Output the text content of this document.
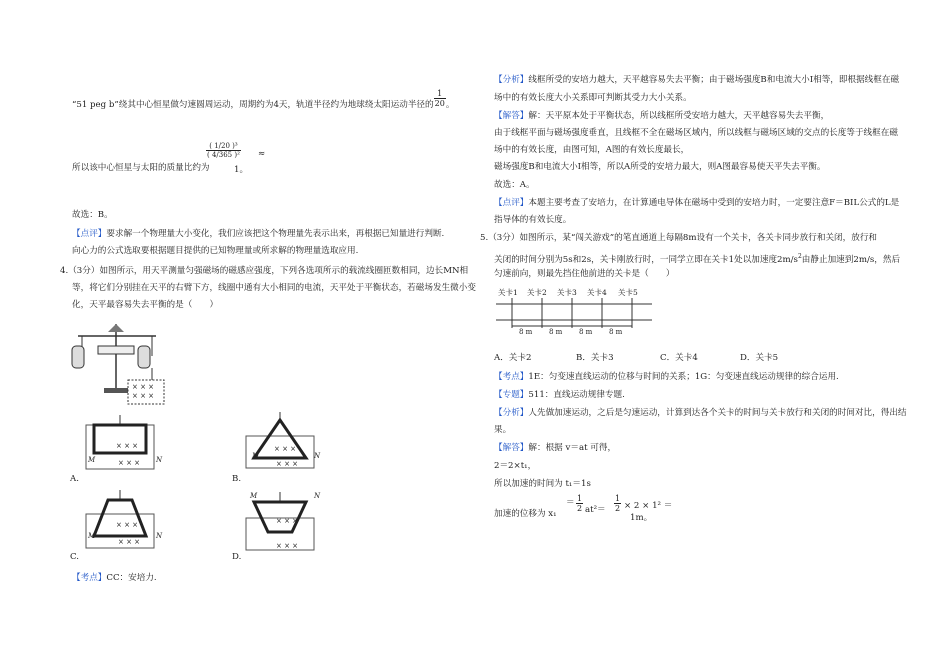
“51 peg b”绕其中心恒星做匀速圆周运动，周期约为4天，轨道半径约为地球绕太阳运动半径的 $\frac{1}{20}$ 。
所以该中心恒星与太阳的质量比约为
$\frac{\text{( 1/20 )³}}{\text{( 4/365 )²}}$ ≈
1。
故选：B。
【点评】要求解一个物理量大小变化，我们应该把这个物理量先表示出来，再根据已知量进行判断.
向心力的公式选取要根据题目提供的已知物理量或所求解的物理量选取应用.
4.（3分）如图所示，用天平测量匀强磁场的磁感应强度，下列各选项所示的载流线圈匝数相同，边长MN相
等，将它们分别挂在天平的右臂下方，线圈中通有大小相同的电流，天平处于平衡状态，若磁场发生微小变
化，天平最容易失去平衡的是（　　）
× × ×
× × ×
× × ×
× × ×
M	N
A.
× × ×
× × ×
M	N
B.
× × ×
× × ×
M	N
C.
× × ×
× × ×
M	N
D.
【考点】CC：安培力.
【分析】线框所受的安培力越大，天平越容易失去平衡；由于磁场强度B和电流大小I相等，即根据线框在磁
场中的有效长度大小关系即可判断其受力大小关系。
【解答】解：天平原本处于平衡状态，所以线框所受安培力越大，天平越容易失去平衡，
由于线框平面与磁场强度垂直，且线框不全在磁场区域内，所以线框与磁场区域的交点的长度等于线框在磁
场中的有效长度，由图可知，A图的有效长度最长，
磁场强度B和电流大小I相等，所以A所受的安培力最大，则A图最容易使天平失去平衡。
故选：A。
【点评】本题主要考查了安培力，在计算通电导体在磁场中受到的安培力时，一定要注意F＝BIL公式的L是
指导体的有效长度。
5.（3分）如图所示，某“闯关游戏”的笔直通道上每隔8m设有一个关卡，各关卡同步放行和关闭，放行和
关闭的时间分别为5s和2s，关卡刚放行时，一同学立即在关卡1处以加速度$2m/s^2$由静止加速到2m/s，然后
匀速前向，则最先挡住他前进的关卡是（　　）
关卡1 关卡2 关卡3 关卡4 关卡5
8 m 8 m 8 m 8 m
A．关卡2	B．关卡3	C．关卡4	D．关卡5
【考点】1E：匀变速直线运动的位移与时间的关系；1G：匀变速直线运动规律的综合运用.
【专题】511：直线运动规律专题.
【分析】人先做加速运动，之后是匀速运动，计算到达各个关卡的时间与关卡放行和关闭的时间对比，得出结
果。
【解答】解：根据 v＝at 可得，
2＝2×t₁，
所以加速的时间为 t₁＝1s
加速的位移为 x₁
＝ $\frac{1}{2} at^2= \frac{1}{2} \times 2 \times 1^2$ ＝
1m。
